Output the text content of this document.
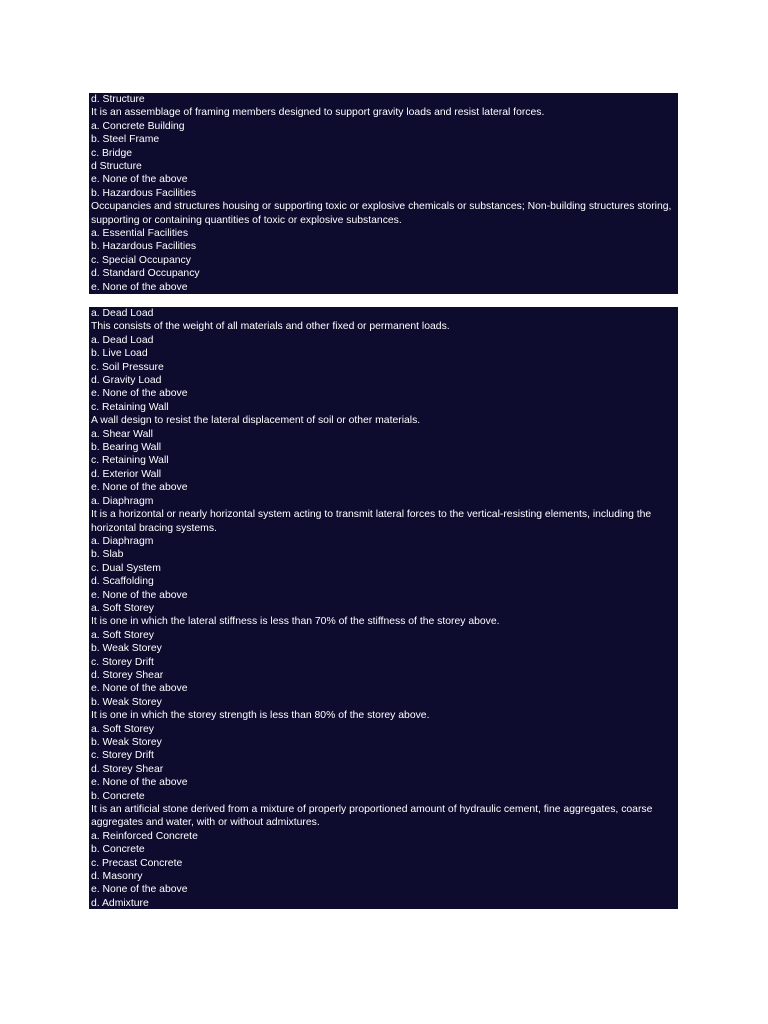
d. Structure
It is an assemblage of framing members designed to support gravity loads and resist lateral forces.
a. Concrete Building
b. Steel Frame
c. Bridge
d Structure
e. None of the above
b. Hazardous Facilities
Occupancies and structures housing or supporting toxic or explosive chemicals or substances; Non-building structures storing, supporting or containing quantities of toxic or explosive substances.
a. Essential Facilities
b. Hazardous Facilities
c. Special Occupancy
d. Standard Occupancy
e. None of the above
a. Dead Load
This consists of the weight of all materials and other fixed or permanent loads.
a. Dead Load
b. Live Load
c. Soil Pressure
d. Gravity Load
e. None of the above
c. Retaining Wall
A wall design to resist the lateral displacement of soil or other materials.
a. Shear Wall
b. Bearing Wall
c. Retaining Wall
d. Exterior Wall
e. None of the above
a. Diaphragm
It is a horizontal or nearly horizontal system acting to transmit lateral forces to the vertical-resisting elements, including the horizontal bracing systems.
a. Diaphragm
b. Slab
c. Dual System
d. Scaffolding
e. None of the above
a. Soft Storey
It is one in which the lateral stiffness is less than 70% of the stiffness of the storey above.
a. Soft Storey
b. Weak Storey
c. Storey Drift
d. Storey Shear
e. None of the above
b. Weak Storey
It is one in which the storey strength is less than 80% of the storey above.
a. Soft Storey
b. Weak Storey
c. Storey Drift
d. Storey Shear
e. None of the above
b. Concrete
It is an artificial stone derived from a mixture of properly proportioned amount of hydraulic cement, fine aggregates, coarse aggregates and water, with or without admixtures.
a. Reinforced Concrete
b. Concrete
c. Precast Concrete
d. Masonry
e. None of the above
d. Admixture
